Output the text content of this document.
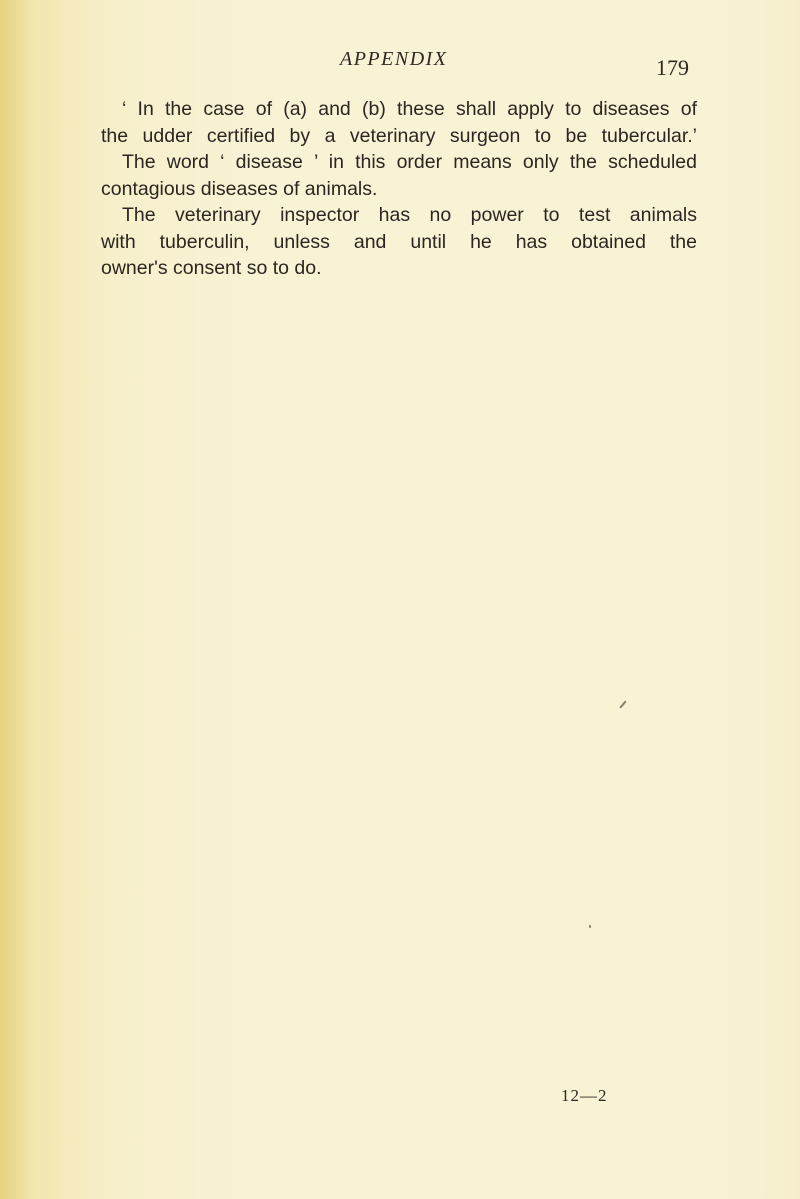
APPENDIX	179
‘ In the case of (a) and (b) these shall apply to diseases of
the udder certified by a veterinary surgeon to be tubercular.’
The word ‘ disease ’ in this order means only the scheduled
contagious diseases of animals.
The veterinary inspector has no power to test animals
with tuberculin, unless and until he has obtained the
owner's consent so to do.
12—2
